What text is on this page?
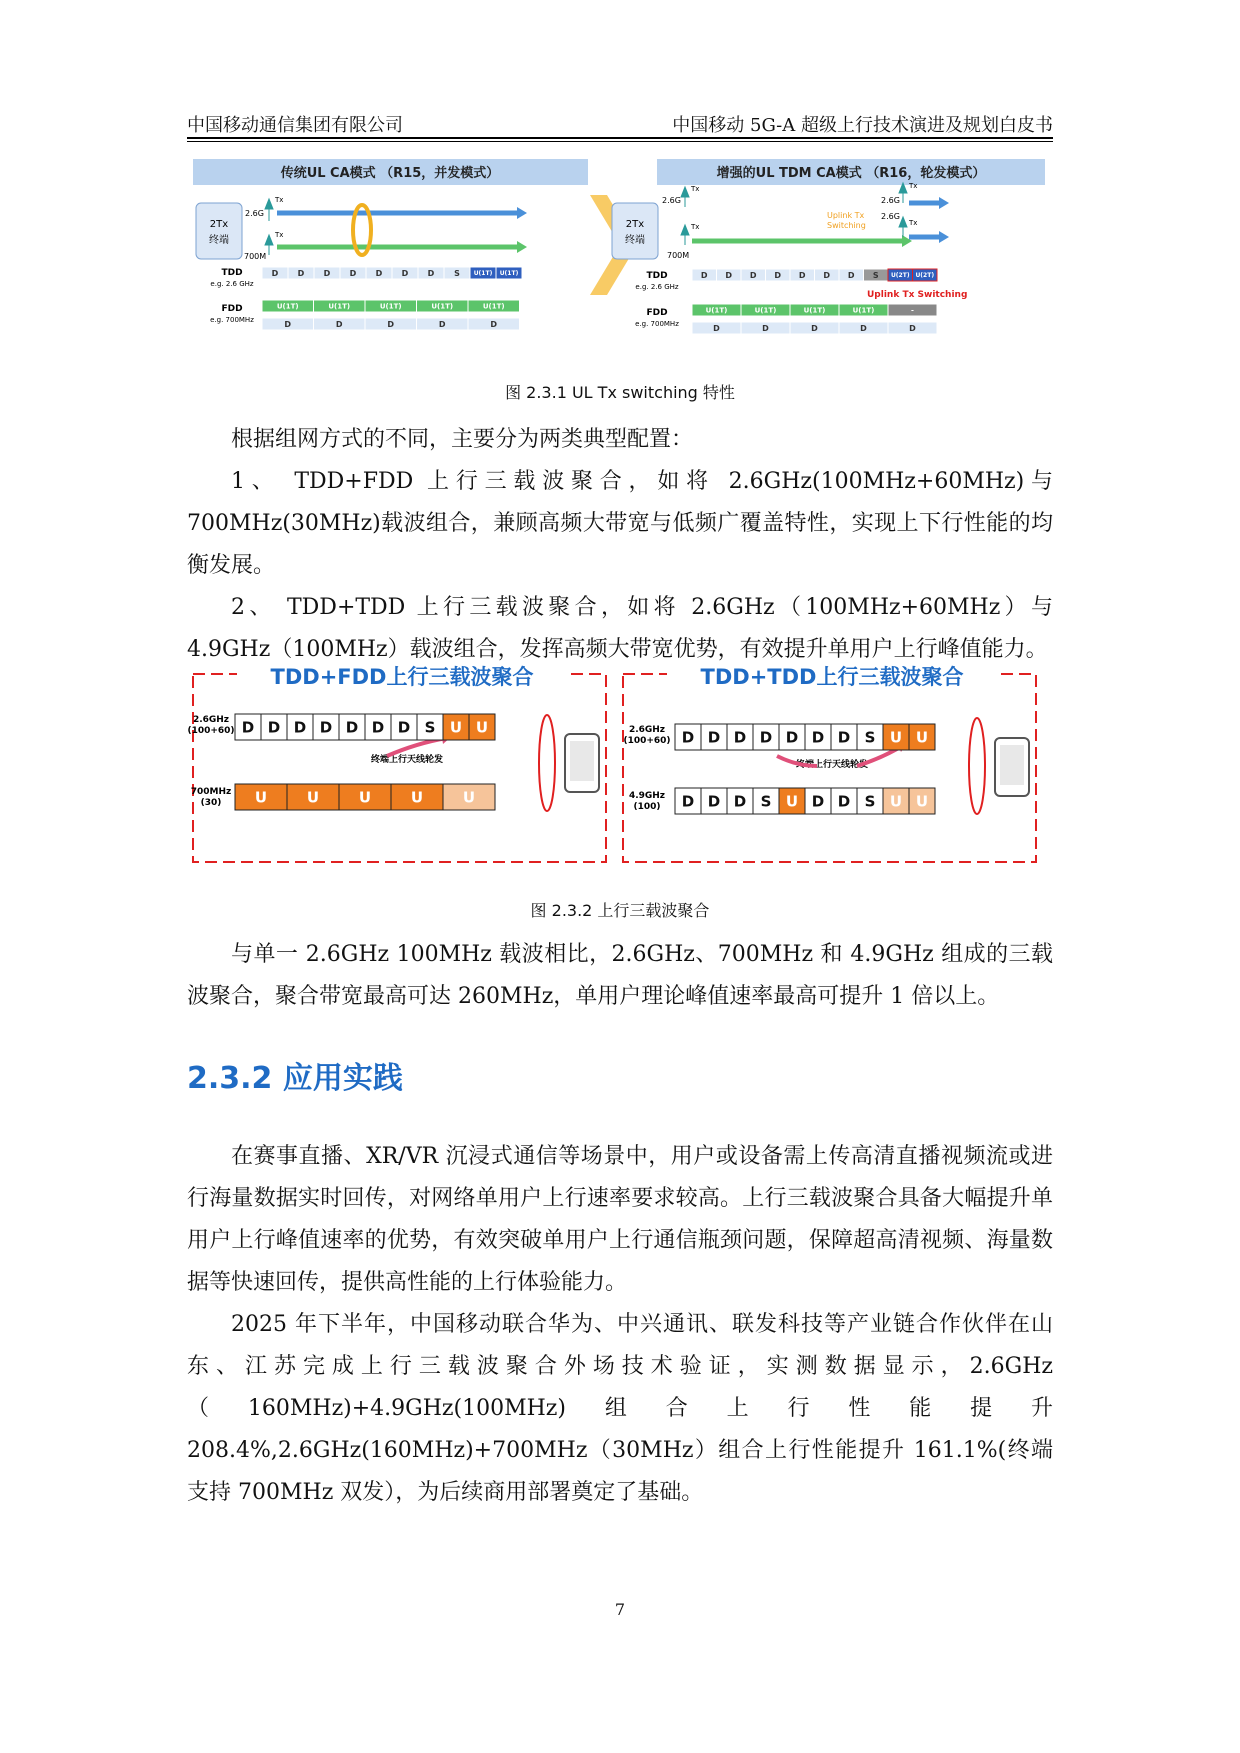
中国移动通信集团有限公司	中国移动 5G-A 超级上行技术演进及规划白皮书
传统UL CA模式 （R15，并发模式）	增强的UL TDM CA模式 （R16，轮发模式）
2Tx
终端
2.6G
700M
Tx
Tx
2Tx
终端
2.6G
700M
Tx
Tx
Uplink Tx
Switching
2.6G
2.6G
Tx
Tx
TDD
e.g. 2.6 GHz
FDD
e.g. 700MHz
TDD
e.g. 2.6 GHz
FDD
e.g. 700MHz
Uplink Tx Switching
D D D D D D D S U(1T) U(1T)
U(1T)	U(1T)	U(1T)	U(1T)	U(1T)
D	D	D	D	D
D D D D D D D S U(2T) U(2T)
U(1T)	U(1T)	U(1T)	U(1T)	-
D	D	D	D	D
图 2.3.1 UL Tx switching 特性

根据组网方式的不同，主要分为两类典型配置：

1、 TDD+FDD 上行三载波聚合，如将 2.6GHz(100MHz+60MHz)与 700MHz(30MHz)载波组合，兼顾高频大带宽与低频广覆盖特性，实现上下行性能的均衡发展。

2、 TDD+TDD 上行三载波聚合，如将 2.6GHz（100MHz+60MHz）与 4.9GHz（100MHz）载波组合，发挥高频大带宽优势，有效提升单用户上行峰值能力。

TDD+FDD上行三载波聚合	TDD+TDD上行三载波聚合
2.6GHz
(100+60)
700MHz
(30)
终端上行天线轮发
2.6GHz
(100+60)
4.9GHz
(100)
终端上行天线轮发
D D D D D D D S U U
U	U	U	U	U
D D D D D D D S U U
D D D S U D D S U U
图 2.3.2 上行三载波聚合

与单一 2.6GHz 100MHz 载波相比，2.6GHz、700MHz 和 4.9GHz 组成的三载波聚合，聚合带宽最高可达 260MHz，单用户理论峰值速率最高可提升 1 倍以上。

2.3.2 应用实践

在赛事直播、XR/VR 沉浸式通信等场景中，用户或设备需上传高清直播视频流或进行海量数据实时回传，对网络单用户上行速率要求较高。上行三载波聚合具备大幅提升单用户上行峰值速率的优势，有效突破单用户上行通信瓶颈问题，保障超高清视频、海量数据等快速回传，提供高性能的上行体验能力。

2025 年下半年，中国移动联合华为、中兴通讯、联发科技等产业链合作伙伴在山东、江苏完成上行三载波聚合外场技术验证，实测数据显示，2.6GHz（160MHz)+4.9GHz(100MHz)组合上行性能提升 208.4%,2.6GHz(160MHz)+700MHz（30MHz）组合上行性能提升 161.1%(终端支持 700MHz 双发），为后续商用部署奠定了基础。

7
